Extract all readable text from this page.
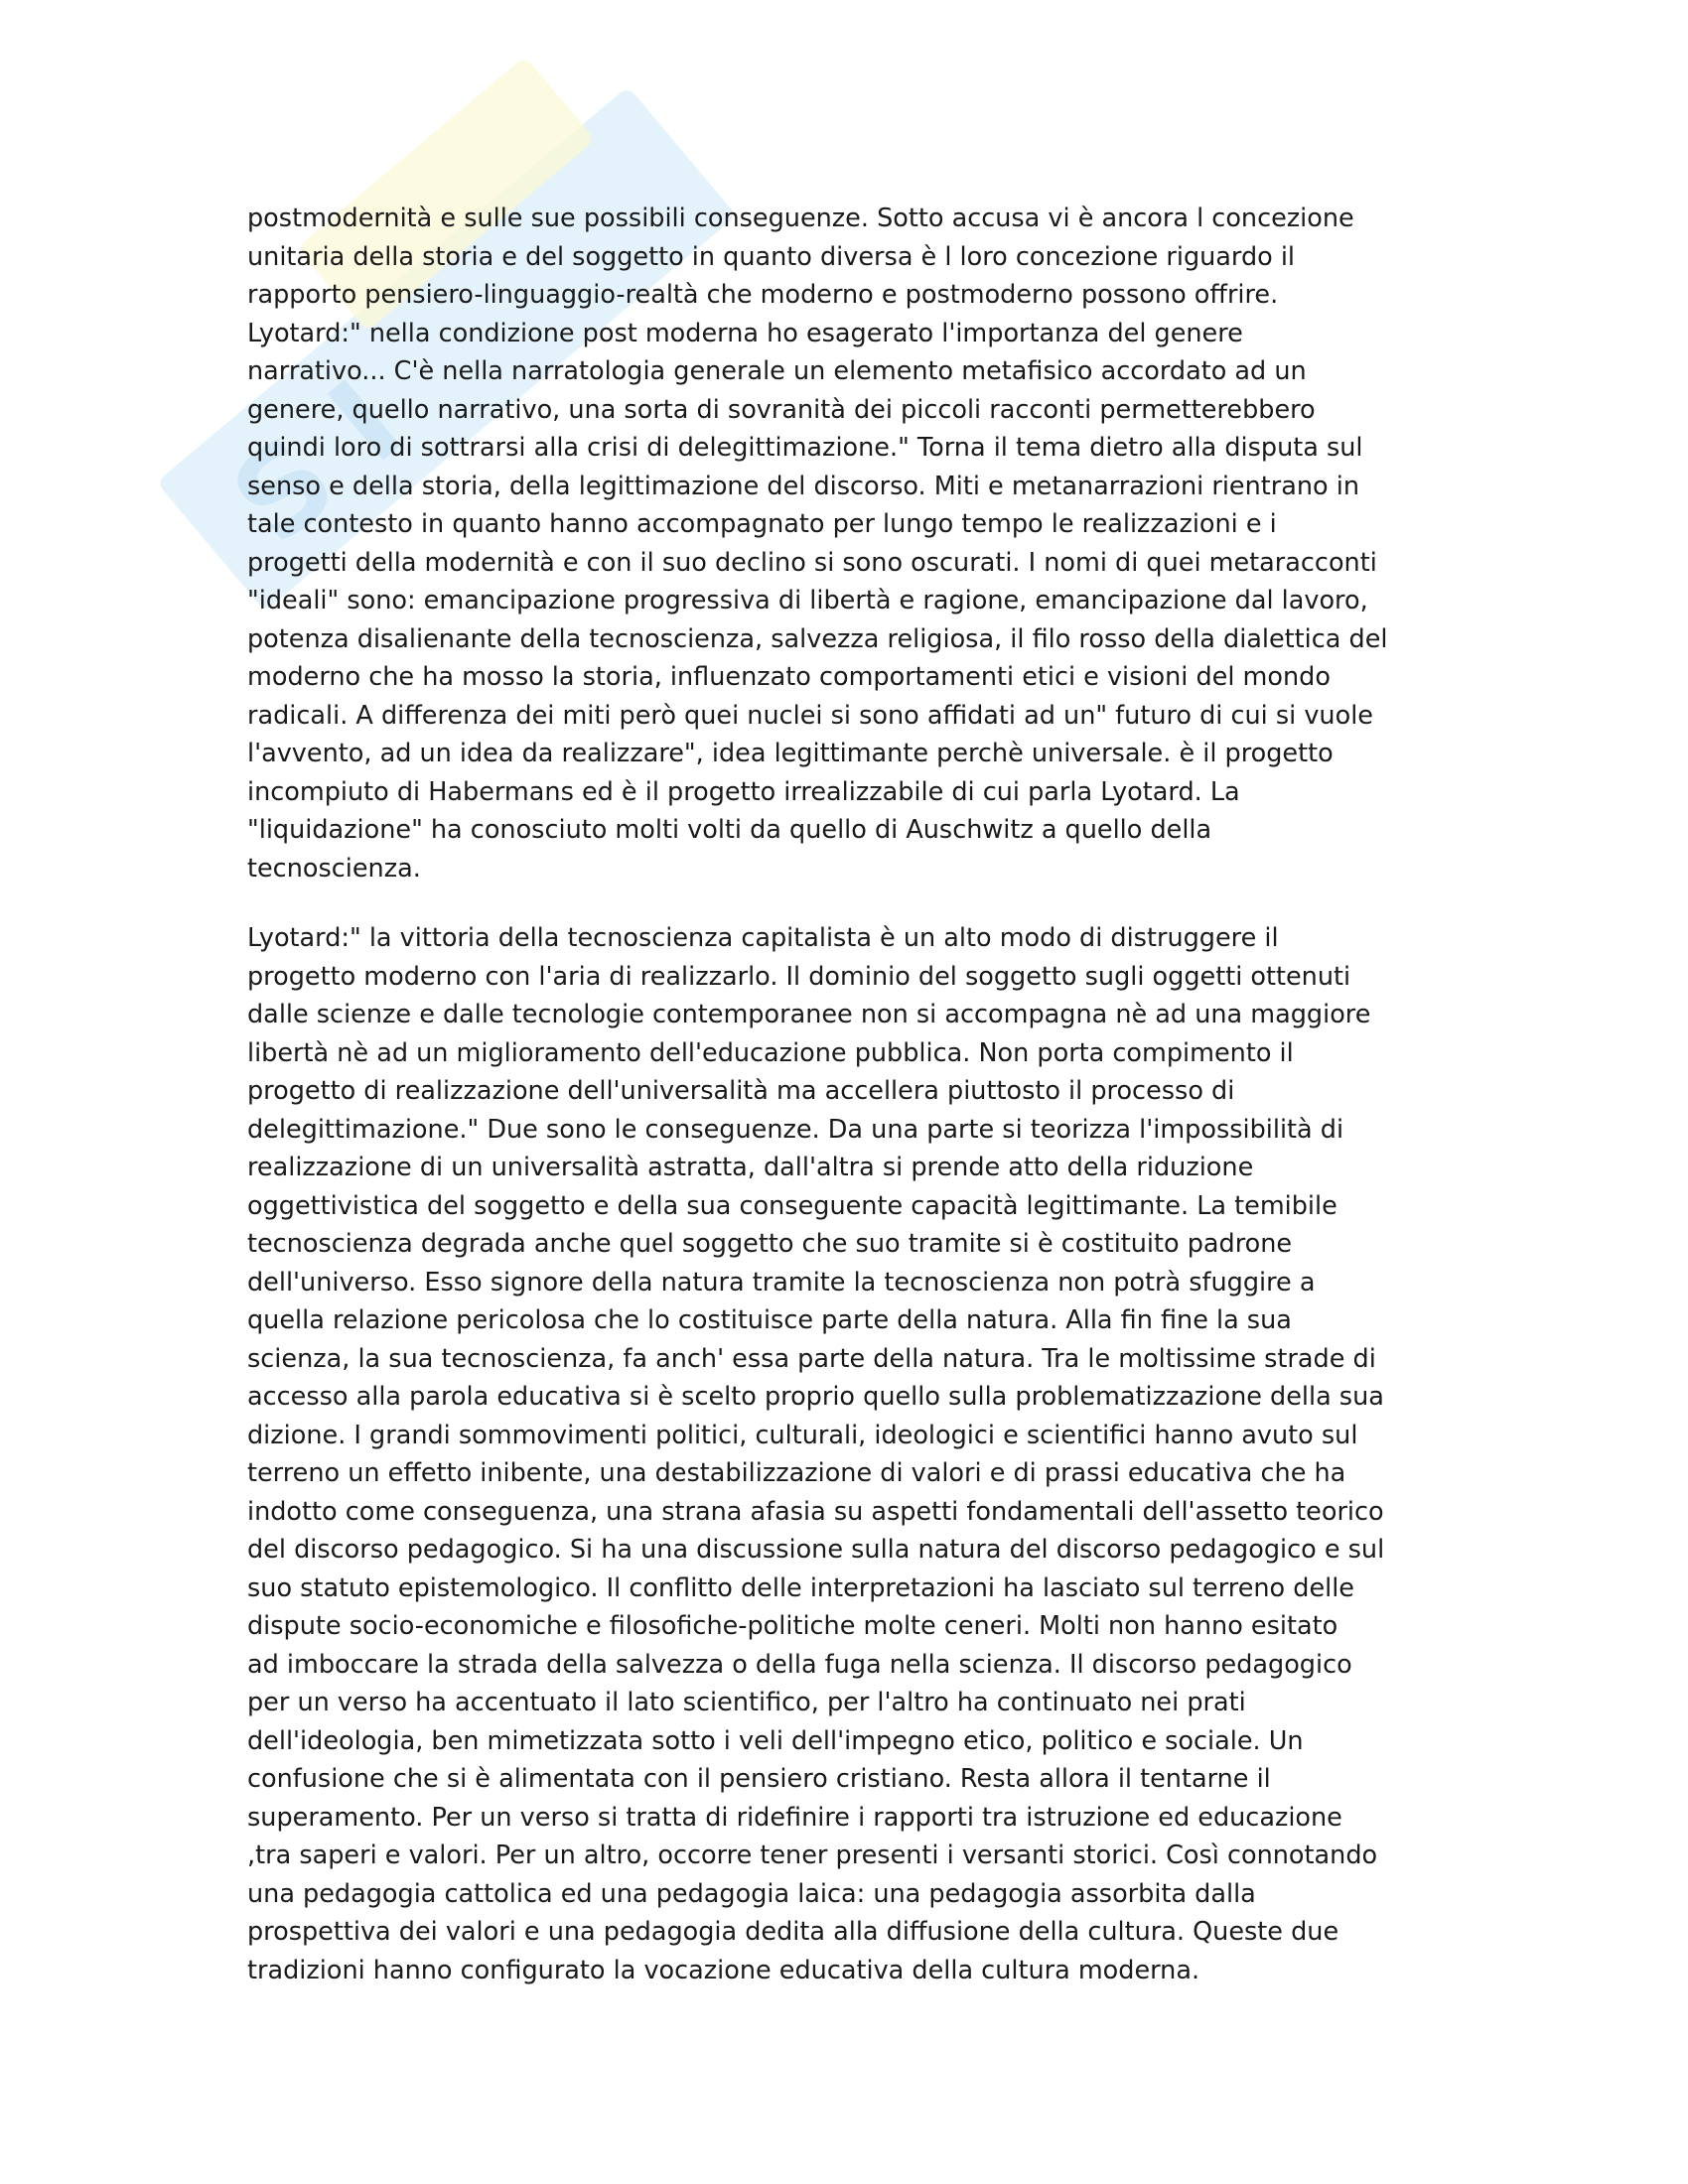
S I
postmodernità e sulle sue possibili conseguenze. Sotto accusa vi è ancora l concezione
unitaria della storia e del soggetto in quanto diversa è l loro concezione riguardo il
rapporto pensiero-linguaggio-realtà che moderno e postmoderno possono offrire.
Lyotard:" nella condizione post moderna ho esagerato l'importanza del genere
narrativo... C'è nella narratologia generale un elemento metafisico accordato ad un
genere, quello narrativo, una sorta di sovranità dei piccoli racconti permetterebbero
quindi loro di sottrarsi alla crisi di delegittimazione." Torna il tema dietro alla disputa sul
senso e della storia, della legittimazione del discorso. Miti e metanarrazioni rientrano in
tale contesto in quanto hanno accompagnato per lungo tempo le realizzazioni e i
progetti della modernità e con il suo declino si sono oscurati. I nomi di quei metaracconti
"ideali" sono: emancipazione progressiva di libertà e ragione, emancipazione dal lavoro,
potenza disalienante della tecnoscienza, salvezza religiosa, il filo rosso della dialettica del
moderno che ha mosso la storia, influenzato comportamenti etici e visioni del mondo
radicali. A differenza dei miti però quei nuclei si sono affidati ad un" futuro di cui si vuole
l'avvento, ad un idea da realizzare", idea legittimante perchè universale. è il progetto
incompiuto di Habermans ed è il progetto irrealizzabile di cui parla Lyotard. La
"liquidazione" ha conosciuto molti volti da quello di Auschwitz a quello della
tecnoscienza.
Lyotard:" la vittoria della tecnoscienza capitalista è un alto modo di distruggere il
progetto moderno con l'aria di realizzarlo. Il dominio del soggetto sugli oggetti ottenuti
dalle scienze e dalle tecnologie contemporanee non si accompagna nè ad una maggiore
libertà nè ad un miglioramento dell'educazione pubblica. Non porta compimento il
progetto di realizzazione dell'universalità ma accellera piuttosto il processo di
delegittimazione." Due sono le conseguenze. Da una parte si teorizza l'impossibilità di
realizzazione di un universalità astratta, dall'altra si prende atto della riduzione
oggettivistica del soggetto e della sua conseguente capacità legittimante. La temibile
tecnoscienza degrada anche quel soggetto che suo tramite si è costituito padrone
dell'universo. Esso signore della natura tramite la tecnoscienza non potrà sfuggire a
quella relazione pericolosa che lo costituisce parte della natura. Alla fin fine la sua
scienza, la sua tecnoscienza, fa anch' essa parte della natura. Tra le moltissime strade di
accesso alla parola educativa si è scelto proprio quello sulla problematizzazione della sua
dizione. I grandi sommovimenti politici, culturali, ideologici e scientifici hanno avuto sul
terreno un effetto inibente, una destabilizzazione di valori e di prassi educativa che ha
indotto come conseguenza, una strana afasia su aspetti fondamentali dell'assetto teorico
del discorso pedagogico. Si ha una discussione sulla natura del discorso pedagogico e sul
suo statuto epistemologico. Il conflitto delle interpretazioni ha lasciato sul terreno delle
dispute socio-economiche e filosofiche-politiche molte ceneri. Molti non hanno esitato
ad imboccare la strada della salvezza o della fuga nella scienza. Il discorso pedagogico
per un verso ha accentuato il lato scientifico, per l'altro ha continuato nei prati
dell'ideologia, ben mimetizzata sotto i veli dell'impegno etico, politico e sociale. Un
confusione che si è alimentata con il pensiero cristiano. Resta allora il tentarne il
superamento. Per un verso si tratta di ridefinire i rapporti tra istruzione ed educazione
,tra saperi e valori. Per un altro, occorre tener presenti i versanti storici. Così connotando
una pedagogia cattolica ed una pedagogia laica: una pedagogia assorbita dalla
prospettiva dei valori e una pedagogia dedita alla diffusione della cultura. Queste due
tradizioni hanno configurato la vocazione educativa della cultura moderna.
